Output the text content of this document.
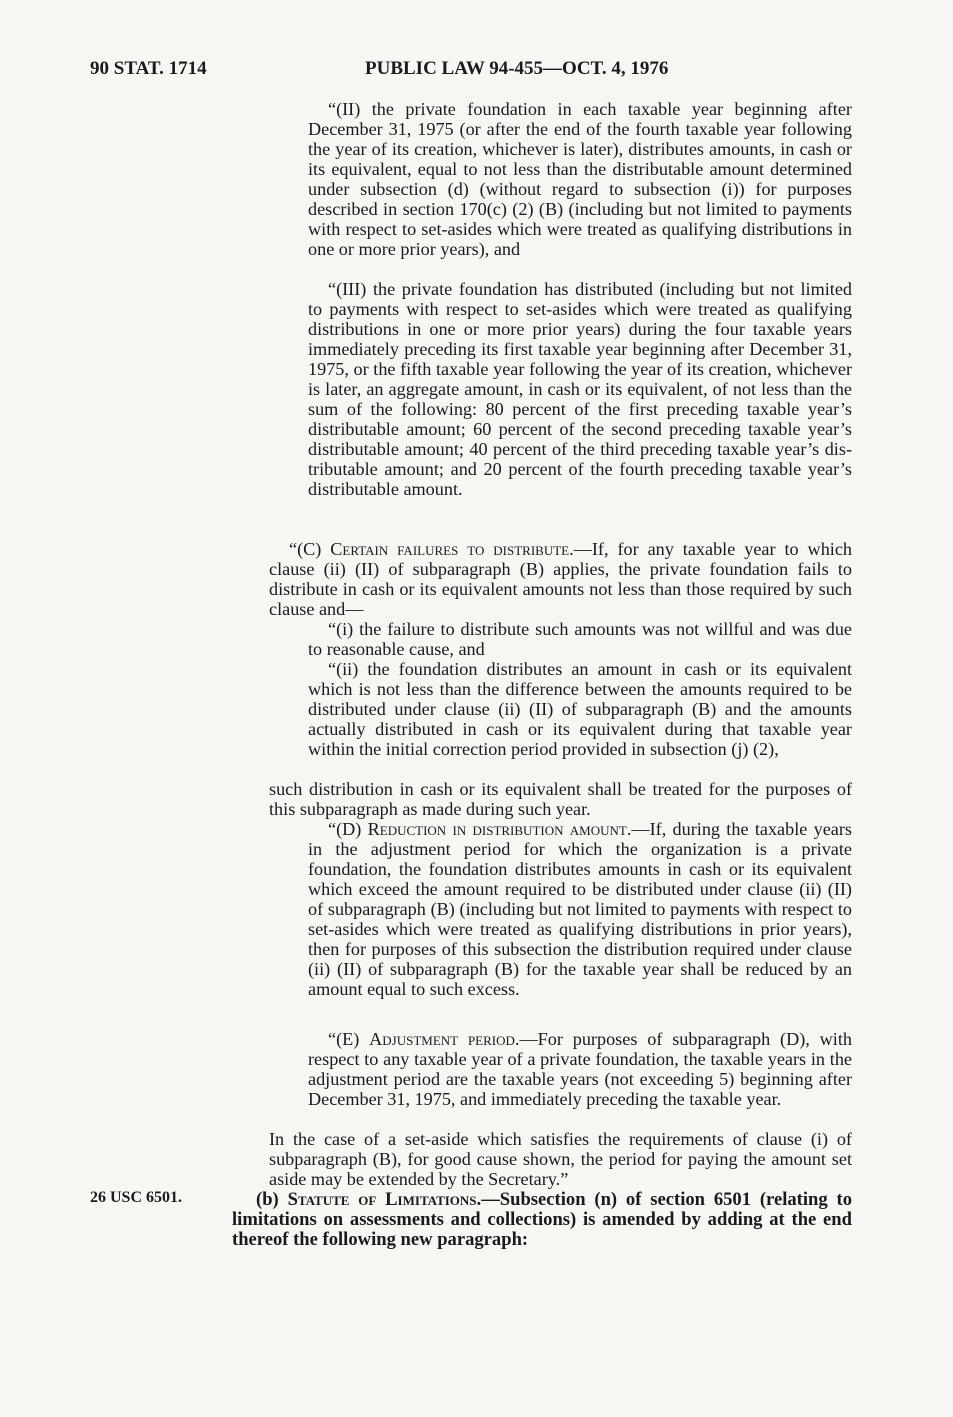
90 STAT. 1714	PUBLIC LAW 94-455—OCT. 4, 1976
“(II) the private foundation in each taxable year beginning after December 31, 1975 (or after the end of the fourth taxable year following the year of its creation, whichever is later), distributes amounts, in cash or its equivalent, equal to not less than the distributable amount determined under subsection (d) (without regard to subsection (i)) for purposes described in section 170(c) (2) (B) (including but not limited to payments with respect to set-asides which were treated as qualifying distributions in one or more prior years), and
“(III) the private foundation has distributed (including but not limited to payments with respect to set-asides which were treated as qualifying distributions in one or more prior years) during the four taxable years immediately preceding its first taxable year beginning after December 31, 1975, or the fifth taxable year following the year of its creation, whichever is later, an aggregate amount, in cash or its equivalent, of not less than the sum of the following: 80 percent of the first preceding taxable year’s distributable amount; 60 percent of the second preceding taxable year’s distributable amount; 40 percent of the third preceding taxable year’s distributable amount; and 20 percent of the fourth preceding taxable year’s distributable amount.
“(C) Certain failures to distribute.—If, for any taxable year to which clause (ii) (II) of subparagraph (B) applies, the private foundation fails to distribute in cash or its equivalent amounts not less than those required by such clause and—
“(i) the failure to distribute such amounts was not willful and was due to reasonable cause, and
“(ii) the foundation distributes an amount in cash or its equivalent which is not less than the difference between the amounts required to be distributed under clause (ii) (II) of subparagraph (B) and the amounts actually distributed in cash or its equivalent during that taxable year within the initial correction period provided in subsection (j) (2),
such distribution in cash or its equivalent shall be treated for the purposes of this subparagraph as made during such year.
“(D) Reduction in distribution amount.—If, during the taxable years in the adjustment period for which the organization is a private foundation, the foundation distributes amounts in cash or its equivalent which exceed the amount required to be distributed under clause (ii) (II) of subparagraph (B) (including but not limited to payments with respect to set-asides which were treated as qualifying distributions in prior years), then for purposes of this subsection the distribution required under clause (ii) (II) of subparagraph (B) for the taxable year shall be reduced by an amount equal to such excess.
“(E) Adjustment period.—For purposes of subparagraph (D), with respect to any taxable year of a private foundation, the taxable years in the adjustment period are the taxable years (not exceeding 5) beginning after December 31, 1975, and immediately preceding the taxable year.
In the case of a set-aside which satisfies the requirements of clause (i) of subparagraph (B), for good cause shown, the period for paying the amount set aside may be extended by the Secretary.”
26 USC 6501.	(b) Statute of Limitations.—Subsection (n) of section 6501 (relating to limitations on assessments and collections) is amended by adding at the end thereof the following new paragraph:
